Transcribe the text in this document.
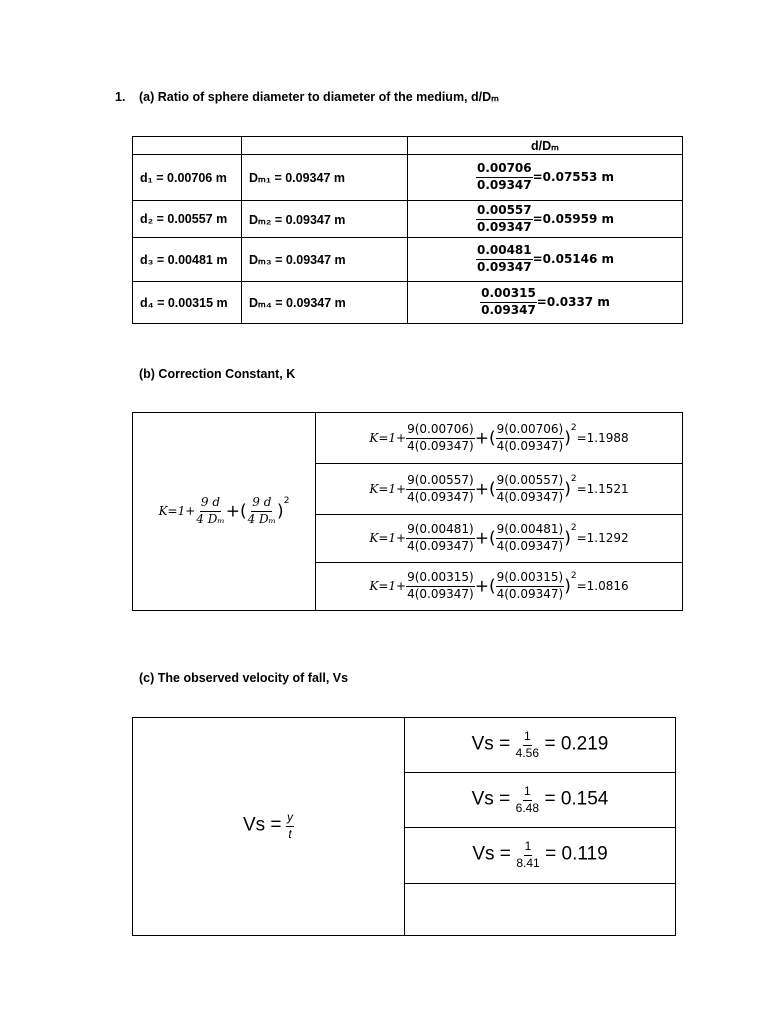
1. (a) Ratio of sphere diameter to diameter of the medium, d/Dₘ
		d/Dₘ
d₁ = 0.00706 m	Dₘ₁ = 0.09347 m	$\frac{0.00706}{0.09347} =0.07553$ m
d₂ = 0.00557 m	Dₘ₂ = 0.09347 m	$\frac{0.00557}{0.09347} =0.05959$ m
d₃ = 0.00481 m	Dₘ₃ = 0.09347 m	$\frac{0.00481}{0.09347} =0.05146$ m
d₄ = 0.00315 m	Dₘ₄ = 0.09347 m	$\frac{0.00315}{0.09347} =0.0337$ m
(b) Correction Constant, K
$K=1+ \frac{9 d}{\text{4 Dₘ}}$ +( $\frac{9 d}{\text{4 Dₘ}} )^2$	$K=1+ \frac{9(0.00706)}{4(0.09347)}$ +( $\frac{9(0.00706)}{4(0.09347)} )^2=1.1988$
$K=1+ \frac{9(0.00557)}{4(0.09347)}$ +( $\frac{9(0.00557)}{4(0.09347)} )^2=1.1521$
$K=1+ \frac{9(0.00481)}{4(0.09347)}$ +( $\frac{9(0.00481)}{4(0.09347)} )^2=1.1292$
$K=1+ \frac{9(0.00315)}{4(0.09347)}$ +( $\frac{9(0.00315)}{4(0.09347)} )^2=1.0816$
(c) The observed velocity of fall, Vs
$Vs = \frac{y}{t}$
	$Vs = \frac{1}{4.56} = 0.219$
$Vs = \frac{1}{6.48} = 0.154$
$Vs = \frac{1}{8.41} = 0.119$
